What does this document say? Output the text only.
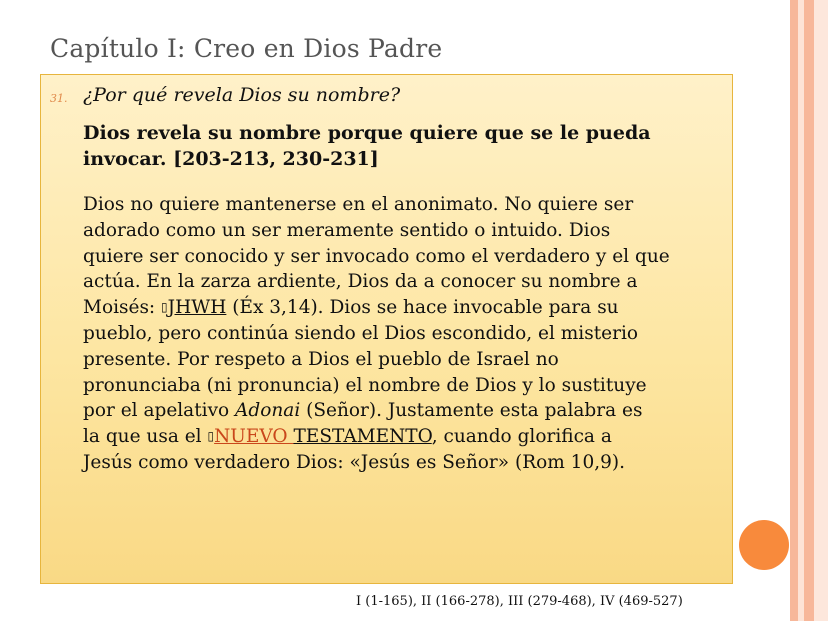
Capítulo I: Creo en Dios Padre
31. ¿Por qué revela Dios su nombre?
Dios revela su nombre porque quiere que se le pueda invocar. [203-213, 230-231]
Dios no quiere mantenerse en el anonimato. No quiere ser
adorado como un ser meramente sentido o intuido. Dios
quiere ser conocido y ser invocado como el verdadero y el que
actúa. En la zarza ardiente, Dios da a conocer su nombre a
Moisés: ▯JHWH (Éx 3,14). Dios se hace invocable para su
pueblo, pero continúa siendo el Dios escondido, el misterio
presente. Por respeto a Dios el pueblo de Israel no
pronunciaba (ni pronuncia) el nombre de Dios y lo sustituye
por el apelativo Adonai (Señor). Justamente esta palabra es
la que usa el ▯NUEVO TESTAMENTO, cuando glorifica a
Jesús como verdadero Dios: «Jesús es Señor» (Rom 10,9).
I (1-165), II (166-278), III (279-468), IV (469-527)
